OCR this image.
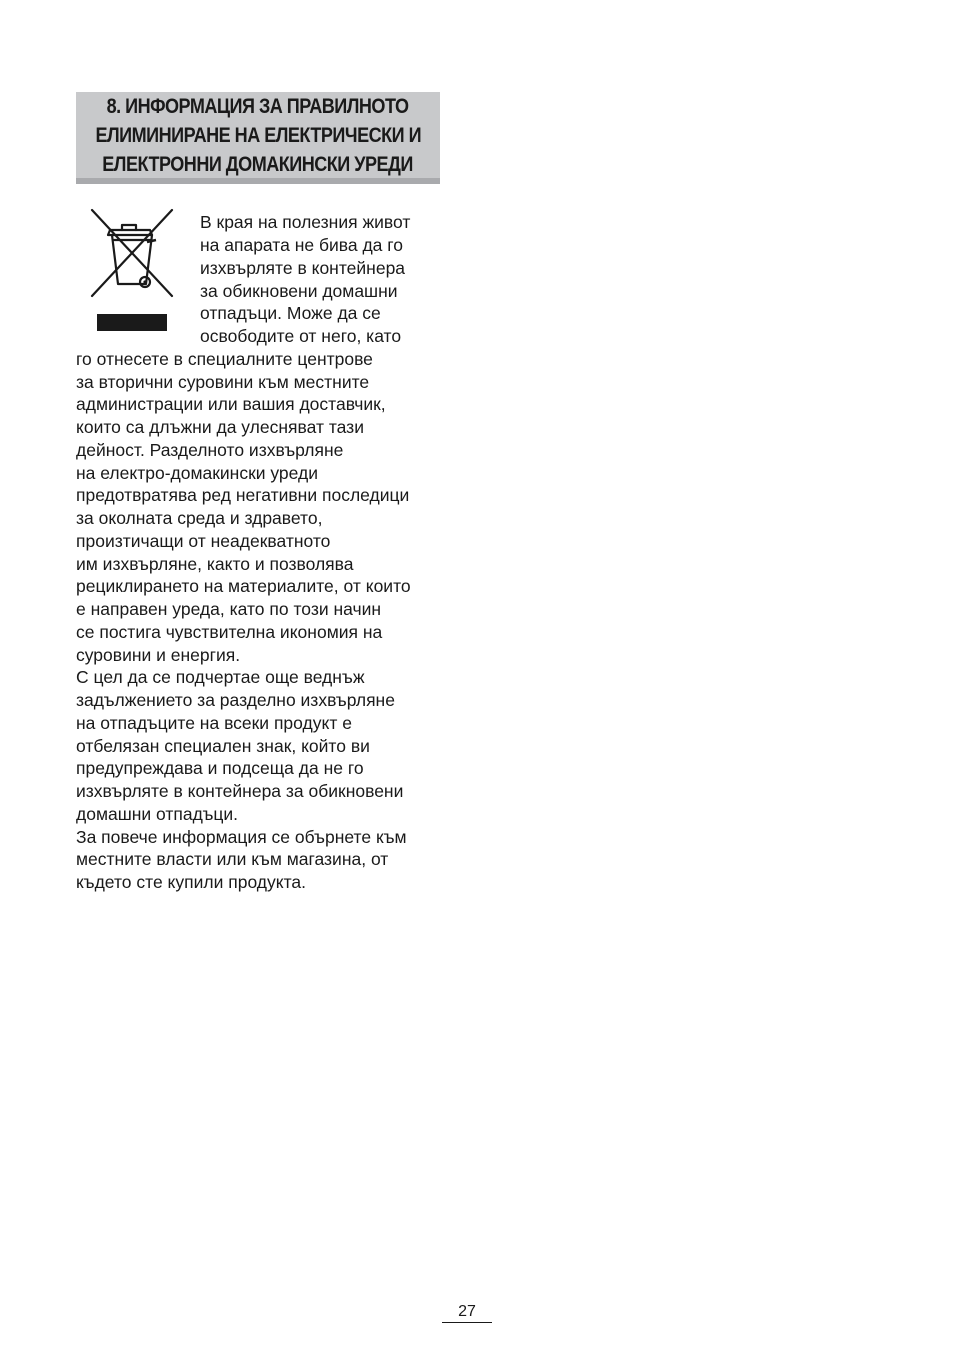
8. ИНФОРМАЦИЯ ЗА ПРАВИЛНОТО
ЕЛИМИНИРАНЕ НА ЕЛЕКТРИЧЕСКИ И
ЕЛЕКТРОННИ ДОМАКИНСКИ УРЕДИ
В края на полезния живот
на апарата не бива да го
изхвърляте в контейнера
за обикновени домашни
отпадъци. Може да се
освободите от него, като
го отнесете в специалните центрове
за вторични суровини към местните
администрации или вашия доставчик,
които са длъжни да улесняват тази
дейност. Разделното изхвърляне
на електро-домакински уреди
предотвратява ред негативни последици
за околната среда и здравето,
произтичащи от неадекватното
им изхвърляне, както и позволява
рециклирането на материалите, от които
е направен уреда, като по този начин
се постига чувствителна икономия на
суровини и енергия.
С цел да се подчертае още веднъж
задължението за разделно изхвърляне
на отпадъците на всеки продукт е
отбелязан специален знак, който ви
предупреждава и подсеща да не го
изхвърляте в контейнера за обикновени
домашни отпадъци.
За повече информация се обърнете към
местните власти или към магазина, от
където сте купили продукта.
27
